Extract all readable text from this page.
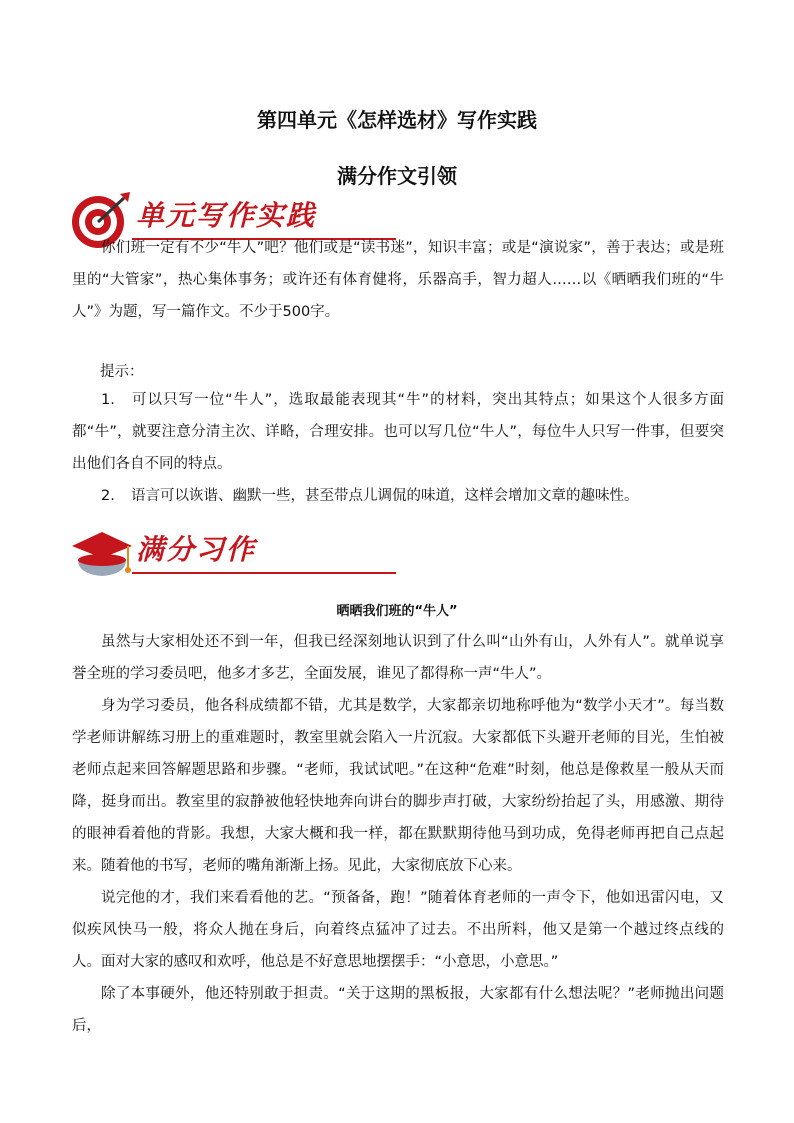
第四单元《怎样选材》写作实践
满分作文引领
单元写作实践

你们班一定有不少“牛人”吧？他们或是“读书迷”，知识丰富；或是“演说家”，善于表达；或是班里的“大管家”，热心集体事务；或许还有体育健将，乐器高手，智力超人……以《晒晒我们班的“牛人”》为题，写一篇作文。不少于500字。

提示：
1. 可以只写一位“牛人”，选取最能表现其“牛”的材料，突出其特点；如果这个人很多方面都“牛”，就要注意分清主次、详略，合理安排。也可以写几位“牛人”，每位牛人只写一件事，但要突出他们各自不同的特点。
2. 语言可以诙谐、幽默一些，甚至带点儿调侃的味道，这样会增加文章的趣味性。
满分习作
晒晒我们班的“牛人”

虽然与大家相处还不到一年，但我已经深刻地认识到了什么叫“山外有山，人外有人”。就单说享誉全班的学习委员吧，他多才多艺，全面发展，谁见了都得称一声“牛人”。

身为学习委员，他各科成绩都不错，尤其是数学，大家都亲切地称呼他为“数学小天才”。每当数学老师讲解练习册上的重难题时，教室里就会陷入一片沉寂。大家都低下头避开老师的目光，生怕被老师点起来回答解题思路和步骤。“老师，我试试吧。”在这种“危难”时刻，他总是像救星一般从天而降，挺身而出。教室里的寂静被他轻快地奔向讲台的脚步声打破，大家纷纷抬起了头，用感激、期待的眼神看着他的背影。我想，大家大概和我一样，都在默默期待他马到功成，免得老师再把自己点起来。随着他的书写，老师的嘴角渐渐上扬。见此，大家彻底放下心来。

说完他的才，我们来看看他的艺。“预备备，跑！”随着体育老师的一声令下，他如迅雷闪电，又似疾风快马一般，将众人抛在身后，向着终点猛冲了过去。不出所料，他又是第一个越过终点线的人。面对大家的感叹和欢呼，他总是不好意思地摆摆手：“小意思，小意思。”

除了本事硬外，他还特别敢于担责。“关于这期的黑板报，大家都有什么想法呢？”老师抛出问题后，
